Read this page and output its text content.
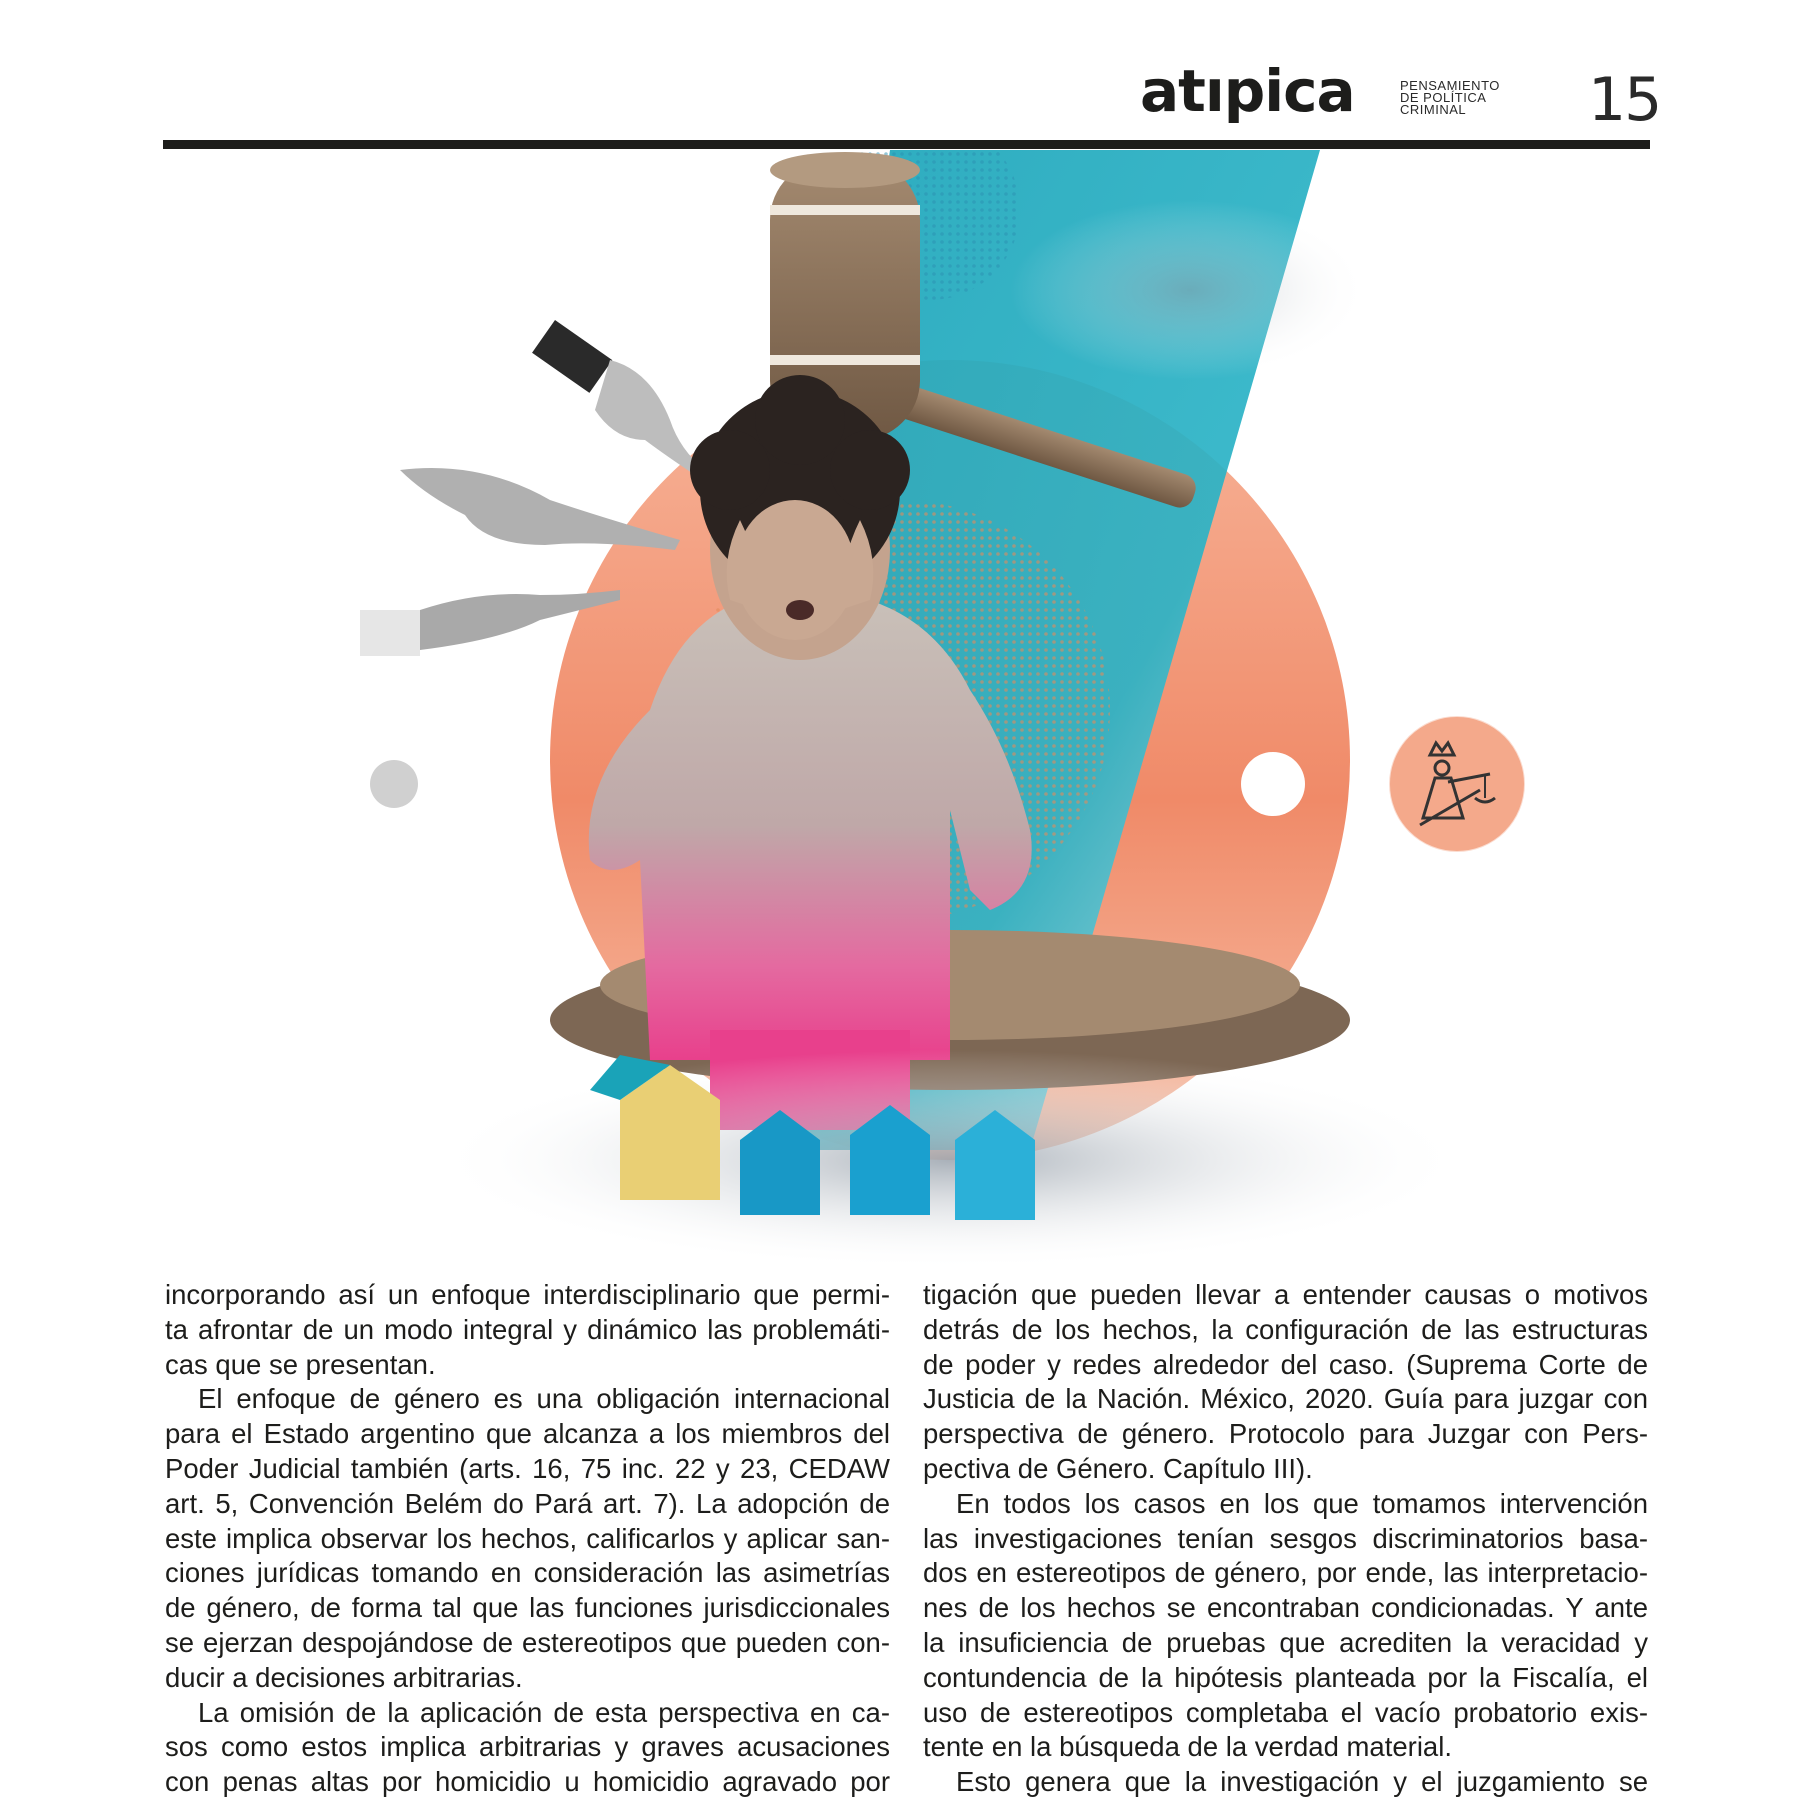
atıpica	PENSAMIENTO
DE POLÍTICA
CRIMINAL	15
incorporando así un enfoque interdisciplinario que permi-
ta afrontar de un modo integral y dinámico las problemáti-
cas que se presentan.
El enfoque de género es una obligación internacional
para el Estado argentino que alcanza a los miembros del
Poder Judicial también (arts. 16, 75 inc. 22 y 23, CEDAW
art. 5, Convención Belém do Pará art. 7). La adopción de
este implica observar los hechos, calificarlos y aplicar san-
ciones jurídicas tomando en consideración las asimetrías
de género, de forma tal que las funciones jurisdiccionales
se ejerzan despojándose de estereotipos que pueden con-
ducir a decisiones arbitrarias.
La omisión de la aplicación de esta perspectiva en ca-
sos como estos implica arbitrarias y graves acusaciones
con penas altas por homicidio u homicidio agravado por
tigación que pueden llevar a entender causas o motivos
detrás de los hechos, la configuración de las estructuras
de poder y redes alrededor del caso. (Suprema Corte de
Justicia de la Nación. México, 2020. Guía para juzgar con
perspectiva de género. Protocolo para Juzgar con Pers-
pectiva de Género. Capítulo III).
En todos los casos en los que tomamos intervención
las investigaciones tenían sesgos discriminatorios basa-
dos en estereotipos de género, por ende, las interpretacio-
nes de los hechos se encontraban condicionadas. Y ante
la insuficiencia de pruebas que acrediten la veracidad y
contundencia de la hipótesis planteada por la Fiscalía, el
uso de estereotipos completaba el vacío probatorio exis-
tente en la búsqueda de la verdad material.
Esto genera que la investigación y el juzgamiento se
